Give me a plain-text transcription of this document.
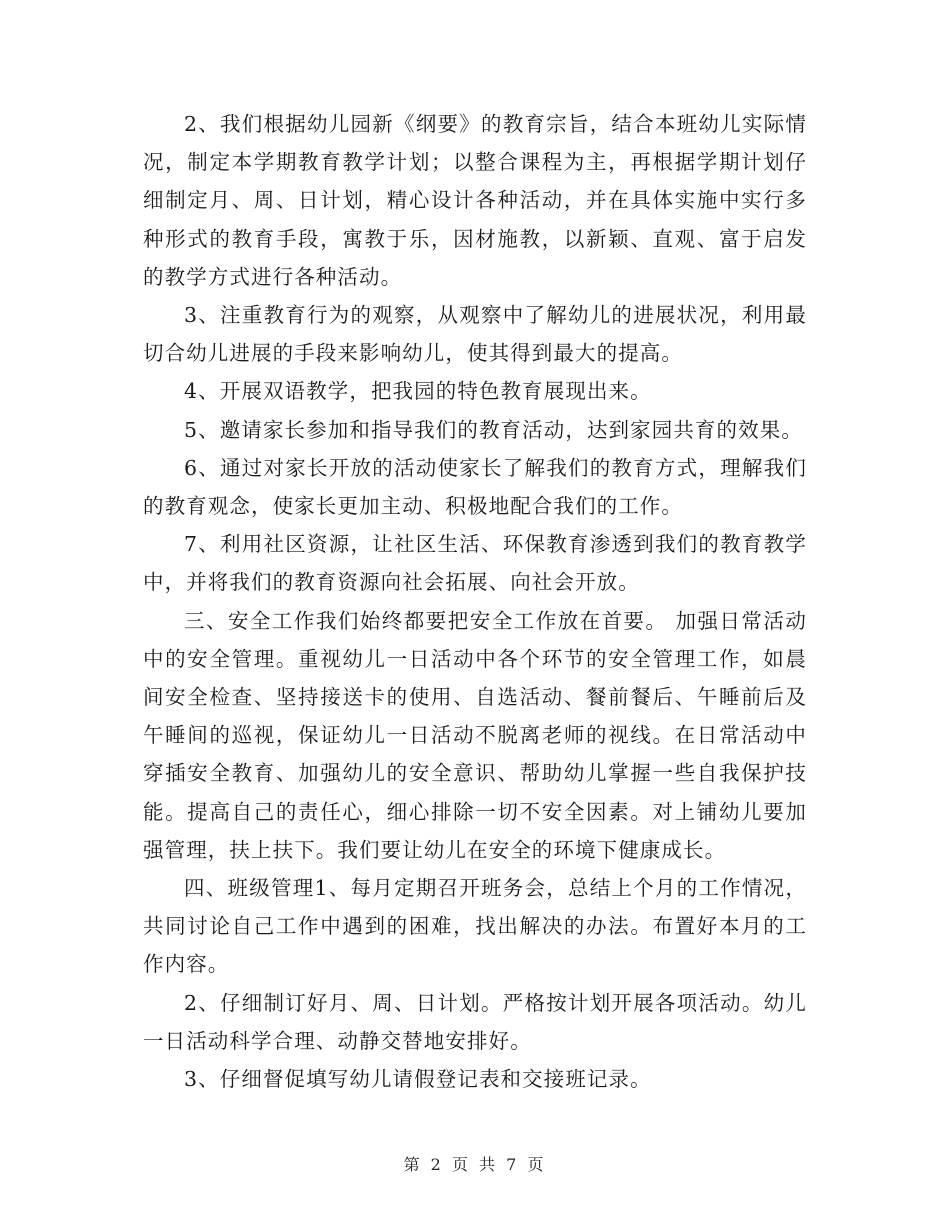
2、我们根据幼儿园新《纲要》的教育宗旨，结合本班幼儿实际情况，制定本学期教育教学计划；以整合课程为主，再根据学期计划仔细制定月、周、日计划，精心设计各种活动，并在具体实施中实行多种形式的教育手段，寓教于乐，因材施教，以新颖、直观、富于启发的教学方式进行各种活动。

3、注重教育行为的观察，从观察中了解幼儿的进展状况，利用最切合幼儿进展的手段来影响幼儿，使其得到最大的提高。

4、开展双语教学，把我园的特色教育展现出来。

5、邀请家长参加和指导我们的教育活动，达到家园共育的效果。

6、通过对家长开放的活动使家长了解我们的教育方式，理解我们的教育观念，使家长更加主动、积极地配合我们的工作。

7、利用社区资源，让社区生活、环保教育渗透到我们的教育教学中，并将我们的教育资源向社会拓展、向社会开放。

三、安全工作我们始终都要把安全工作放在首要。 加强日常活动中的安全管理。重视幼儿一日活动中各个环节的安全管理工作，如晨间安全检查、坚持接送卡的使用、自选活动、餐前餐后、午睡前后及午睡间的巡视，保证幼儿一日活动不脱离老师的视线。在日常活动中穿插安全教育、加强幼儿的安全意识、帮助幼儿掌握一些自我保护技能。提高自己的责任心，细心排除一切不安全因素。对上铺幼儿要加强管理，扶上扶下。我们要让幼儿在安全的环境下健康成长。

四、班级管理1、每月定期召开班务会，总结上个月的工作情况，共同讨论自己工作中遇到的困难，找出解决的办法。布置好本月的工作内容。

2、仔细制订好月、周、日计划。严格按计划开展各项活动。幼儿一日活动科学合理、动静交替地安排好。

3、仔细督促填写幼儿请假登记表和交接班记录。

第 2 页 共 7 页
